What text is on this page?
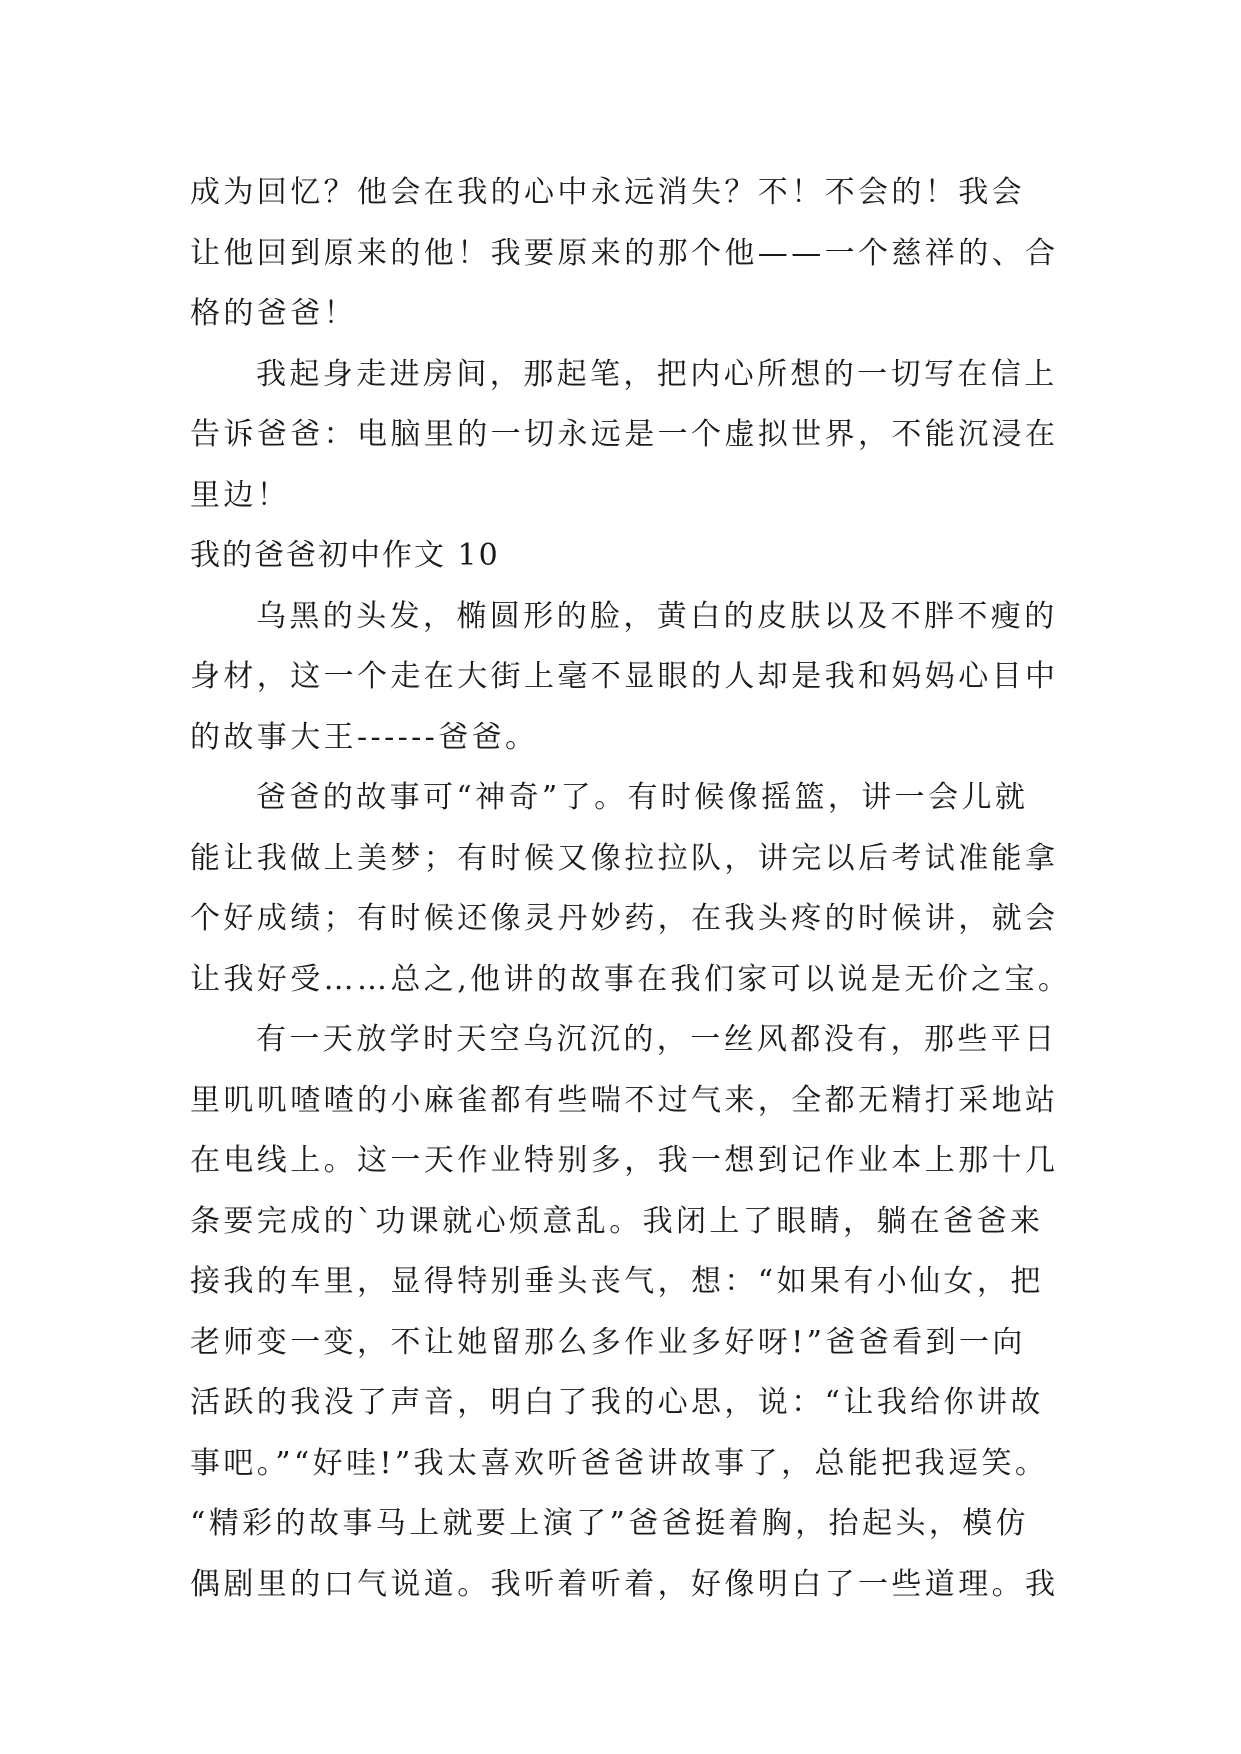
成为回忆？他会在我的心中永远消失？不！不会的！我会
让他回到原来的他！我要原来的那个他——一个慈祥的、合
格的爸爸！
我起身走进房间，那起笔，把内心所想的一切写在信上
告诉爸爸：电脑里的一切永远是一个虚拟世界，不能沉浸在
里边！
我的爸爸初中作文 10
乌黑的头发，椭圆形的脸，黄白的皮肤以及不胖不瘦的
身材，这一个走在大街上毫不显眼的人却是我和妈妈心目中
的故事大王------爸爸。
爸爸的故事可“神奇”了。有时候像摇篮，讲一会儿就
能让我做上美梦；有时候又像拉拉队，讲完以后考试准能拿
个好成绩；有时候还像灵丹妙药，在我头疼的时候讲，就会
让我好受……总之,他讲的故事在我们家可以说是无价之宝。
有一天放学时天空乌沉沉的，一丝风都没有，那些平日
里叽叽喳喳的小麻雀都有些喘不过气来，全都无精打采地站
在电线上。这一天作业特别多，我一想到记作业本上那十几
条要完成的`功课就心烦意乱。我闭上了眼睛，躺在爸爸来
接我的车里，显得特别垂头丧气，想：“如果有小仙女，把
老师变一变，不让她留那么多作业多好呀!”爸爸看到一向
活跃的我没了声音，明白了我的心思，说：“让我给你讲故
事吧。”“好哇!”我太喜欢听爸爸讲故事了，总能把我逗笑。
“精彩的故事马上就要上演了”爸爸挺着胸，抬起头，模仿
偶剧里的口气说道。我听着听着，好像明白了一些道理。我
